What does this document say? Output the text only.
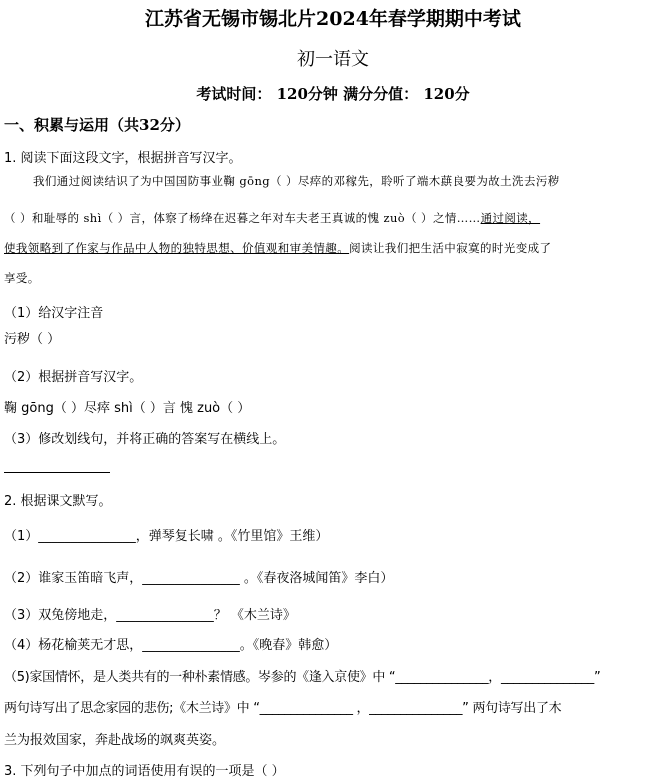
江苏省无锡市锡北片2024年春学期期中考试
初一语文
考试时间： 120分钟 满分分值： 120分
一、积累与运用（共32分）
1. 阅读下面这段文字，根据拼音写汉字。
我们通过阅读结识了为中国国防事业鞠 gōng（ ）尽瘁的邓稼先，聆听了端木蕻良要为故土洗去污秽
（ ）和耻辱的 shì（ ）言，体察了杨绛在迟暮之年对车夫老王真诚的愧 zuò（ ）之情……通过阅读，
使我领略到了作家与作品中人物的独特思想、价值观和审美情趣。阅读让我们把生活中寂寞的时光变成了
享受。
（1）给汉字注音
污秽（ ）
（2）根据拼音写汉字。
鞠 gōng（ ）尽瘁 shì（ ）言 愧 zuò（ ）
（3）修改划线句，并将正确的答案写在横线上。
2. 根据课文默写。
（1）_______________，弹琴复长啸 。《竹里馆》王维）
（2）谁家玉笛暗飞声，_______________ 。《春夜洛城闻笛》李白）
（3）双兔傍地走，_______________？ 《木兰诗》
（4）杨花榆荚无才思，_______________。《晚春》韩愈）
（5)家国情怀，是人类共有的一种朴素情感。岑参的《逢入京使》中 “_______________，_______________”
两句诗写出了思念家园的悲伤;《木兰诗》中 “_______________ ，_______________” 两句诗写出了木
兰为报效国家，奔赴战场的飒爽英姿。
3. 下列句子中加点的词语使用有误的一项是（ ）
